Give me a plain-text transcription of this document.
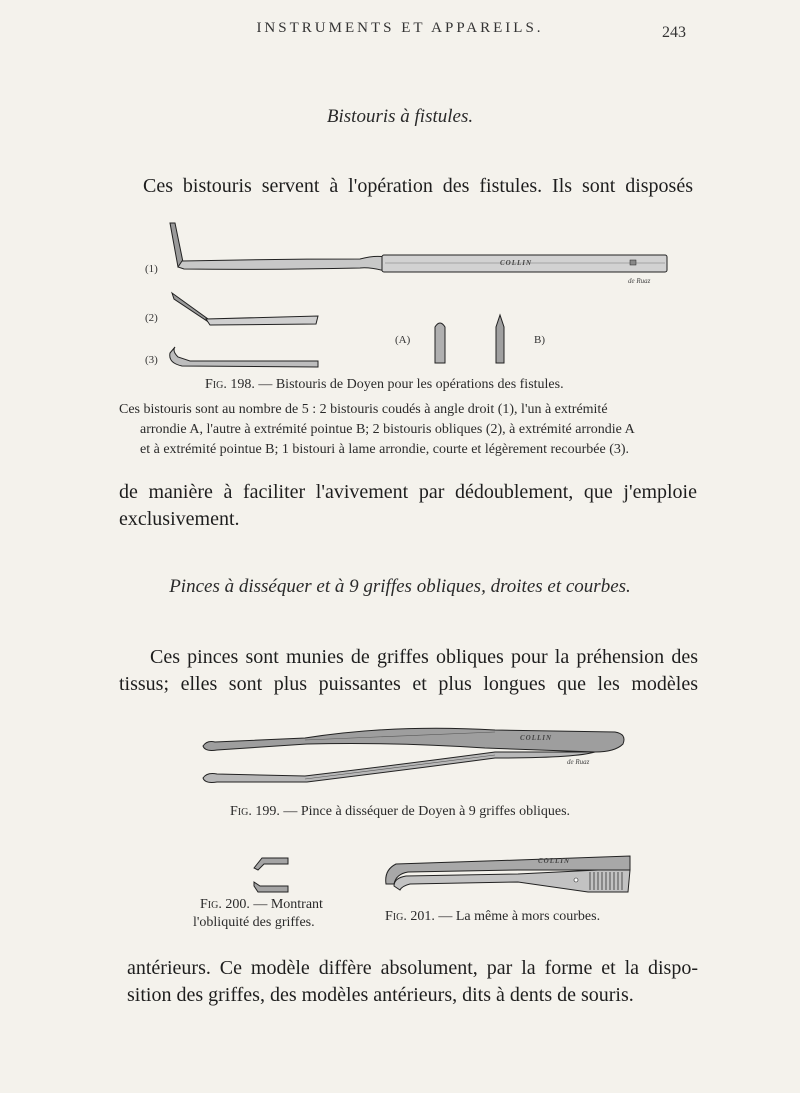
INSTRUMENTS ET APPAREILS.	243
Bistouris à fistules.
Ces bistouris servent à l'opération des fistules. Ils sont disposés
(1)
(2)
(3)
(A)	B)
COLLIN
de Ruaz
Fig. 198. — Bistouris de Doyen pour les opérations des fistules.
Ces bistouris sont au nombre de 5 : 2 bistouris coudés à angle droit (1), l'un à extrémité
arrondie A, l'autre à extrémité pointue B; 2 bistouris obliques (2), à extrémité arrondie A
et à extrémité pointue B; 1 bistouri à lame arrondie, courte et légèrement recourbée (3).
de manière à faciliter l'avivement par dédoublement, que j'emploie
exclusivement.
Pinces à disséquer et à 9 griffes obliques, droites et courbes.
Ces pinces sont munies de griffes obliques pour la préhension des
tissus; elles sont plus puissantes et plus longues que les modèles
COLLIN
de Ruaz
Fig. 199. — Pince à disséquer de Doyen à 9 griffes obliques.
Fig. 200. — Montrant
l'obliquité des griffes.
COLLIN
Fig. 201. — La même à mors courbes.
antérieurs. Ce modèle diffère absolument, par la forme et la dispo-
sition des griffes, des modèles antérieurs, dits à dents de souris.
